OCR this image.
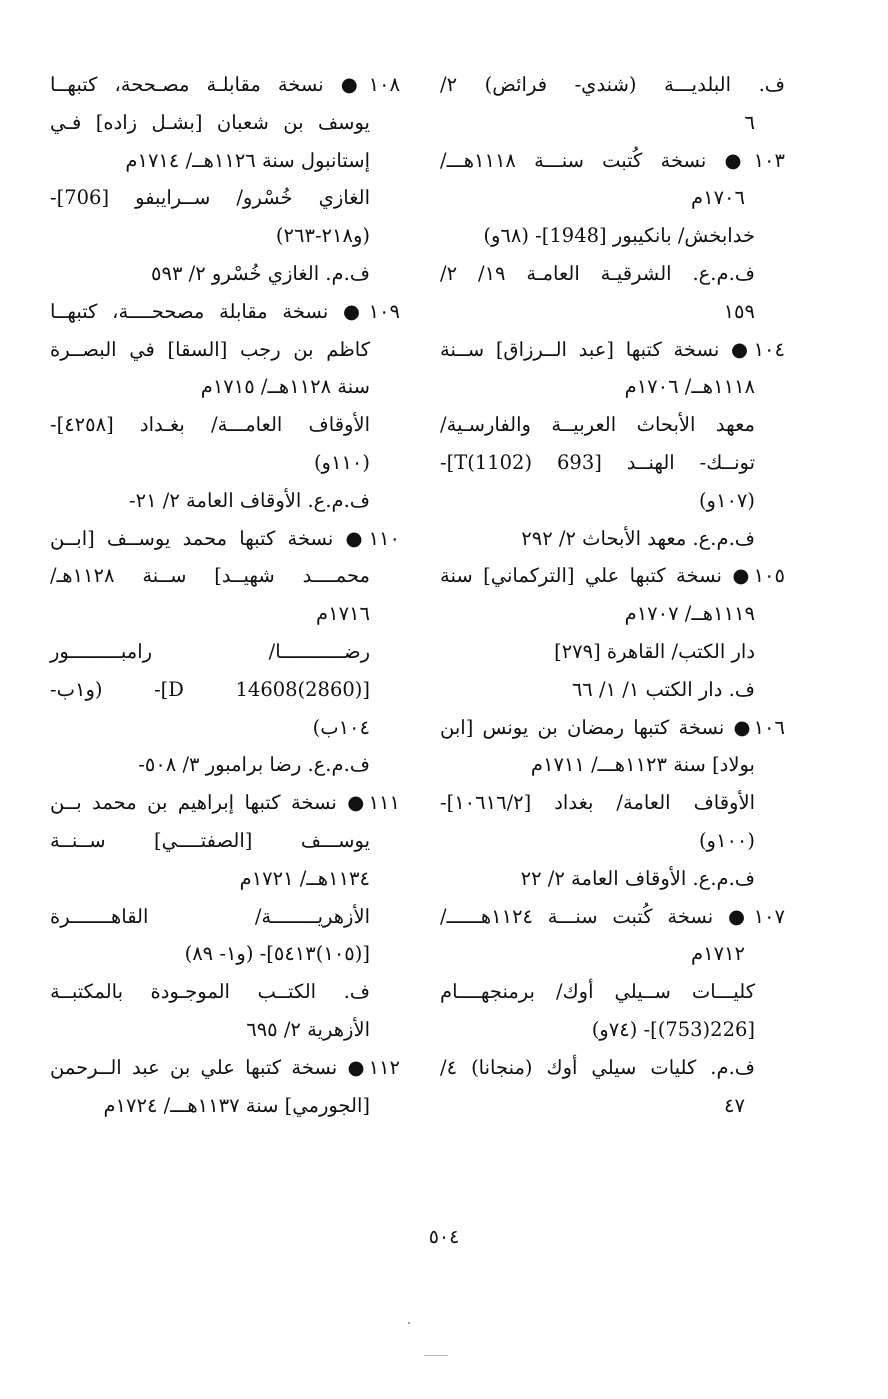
ف. البلديـــة (شندي- فرائض) ٢/
٦
١٠٣● نسخة كُتبت سنـــة ١١١٨هـــ/
١٧٠٦م
خدابخش/ بانكيبور [1948]- (٦٨و)
ف.م.ع. الشرقيـة العامـة ١٩/ ٢/
١٥٩
١٠٤● نسخة كتبها [عبد الــرزاق] ســنة
١١١٨هــ/ ١٧٠٦م
معهد الأبحاث العربيــة والفارسـية/
تونــك- الهنــد [693 T(1102)]-
(١٠٧و)
ف.م.ع. معهد الأبحاث ٢/ ٢٩٢
١٠٥● نسخة كتبها علي [التركماني] سنة
١١١٩هــ/ ١٧٠٧م
دار الكتب/ القاهرة [٢٧٩]
ف. دار الكتب ١/ ١/ ٦٦
١٠٦● نسخة كتبها رمضان بن يونس [ابن
بولاد] سنة ١١٢٣هـــ/ ١٧١١م
الأوقاف العامة/ بغداد [١٠٦١٦/٢]-
(١٠٠و)
ف.م.ع. الأوقاف العامة ٢/ ٢٢
١٠٧● نسخة كُتبت سنـــة ١١٢٤هــــــ/
١٧١٢م
كليـــات ســيلي أوك/ برمنجهــــام
[226(753)]- (٧٤و)
ف.م. كليات سيلي أوك (منجانا) ٤/
٤٧
١٠٨● نسخة مقابلـة مصـححة، كتبهــا
يوسف بن شعبان [بشـل زاده] فـي
إستانبول سنة ١١٢٦هــ/ ١٧١٤م
الغازي خُسْرو/ ســرايبفو [706]-
(و٢١٨-٢٦٣)
ف.م. الغازي خُسْرو ٢/ ٥٩٣
١٠٩● نسخة مقابلة مصححــــة، كتبهــا
كاظم بن رجب [السقا] في البصــرة
سنة ١١٢٨هــ/ ١٧١٥م
الأوقاف العامـــة/ بغـداد [٤٢٥٨]-
(١١٠و)
ف.م.ع. الأوقاف العامة ٢/ ٢١-
١١٠● نسخة كتبها محمد يوســف [ابــن
محمــــد شهيــد] ســنة ١١٢٨هـ/
١٧١٦م
رضـــــــــــا/ رامبـــــــــور
[D 14608(2860)]- (و١ب-
١٠٤ب)
ف.م.ع. رضا برامبور ٣/ ٥٠٨-
١١١● نسخة كتبها إبراهيم بن محمد بــن
يوســـف [الصفتــــي] ســنــة
١١٣٤هــ/ ١٧٢١م
الأزهريــــــــة/ القاهـــــــرة
[(١٠٥)٥٤١٣]- (و١- ٨٩)
ف. الكتــب الموجـودة بالمكتبــة
الأزهرية ٢/ ٦٩٥
١١٢● نسخة كتبها علي بن عبد الــرحمن
[الجورمي] سنة ١١٣٧هـــ/ ١٧٢٤م
٥٠٤
